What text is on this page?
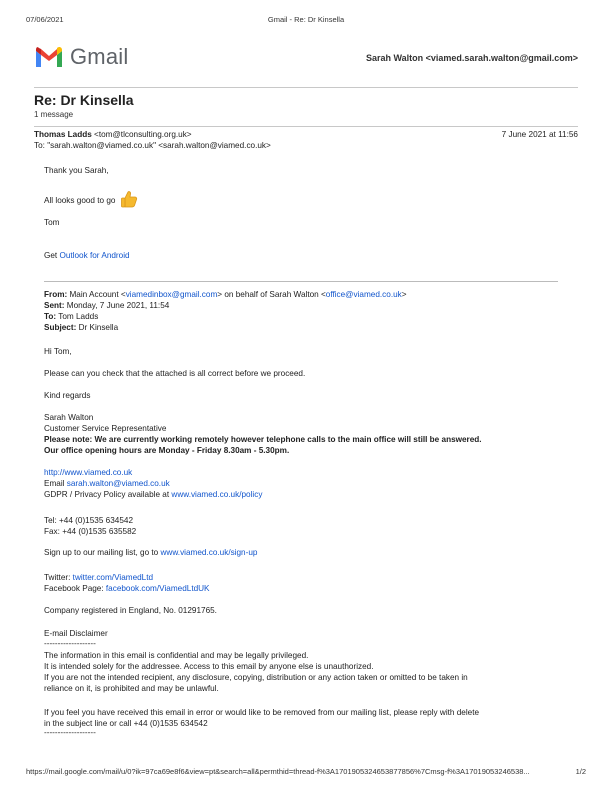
07/06/2021	Gmail - Re: Dr Kinsella
Gmail	Sarah Walton <viamed.sarah.walton@gmail.com>
Re: Dr Kinsella
1 message
Thomas Ladds <tom@tlconsulting.org.uk>	7 June 2021 at 11:56
To: "sarah.walton@viamed.co.uk" <sarah.walton@viamed.co.uk>
Thank you Sarah,
All looks good to go
Tom
Get Outlook for Android
From: Main Account <viamedinbox@gmail.com> on behalf of Sarah Walton <office@viamed.co.uk>
Sent: Monday, 7 June 2021, 11:54
To: Tom Ladds
Subject: Dr Kinsella
Hi Tom,
Please can you check that the attached is all correct before we proceed.
Kind regards
Sarah Walton
Customer Service Representative
Please note: We are currently working remotely however telephone calls to the main office will still be answered.
Our office opening hours are Monday - Friday 8.30am - 5.30pm.
http://www.viamed.co.uk
Email sarah.walton@viamed.co.uk
GDPR / Privacy Policy available at www.viamed.co.uk/policy
Tel: +44 (0)1535 634542
Fax: +44 (0)1535 635582
Sign up to our mailing list, go to www.viamed.co.uk/sign-up
Twitter: twitter.com/ViamedLtd
Facebook Page: facebook.com/ViamedLtdUK
Company registered in England, No. 01291765.
E-mail Disclaimer
-------------------
The information in this email is confidential and may be legally privileged.
It is intended solely for the addressee. Access to this email by anyone else is unauthorized.
If you are not the intended recipient, any disclosure, copying, distribution or any action taken or omitted to be taken in
reliance on it, is prohibited and may be unlawful.
If you feel you have received this email in error or would like to be removed from our mailing list, please reply with delete
in the subject line or call +44 (0)1535 634542
-------------------
https://mail.google.com/mail/u/0?ik=97ca69e8f6&view=pt&search=all&permthid=thread-f%3A1701905324653877856%7Cmsg-f%3A17019053246538...	1/2
